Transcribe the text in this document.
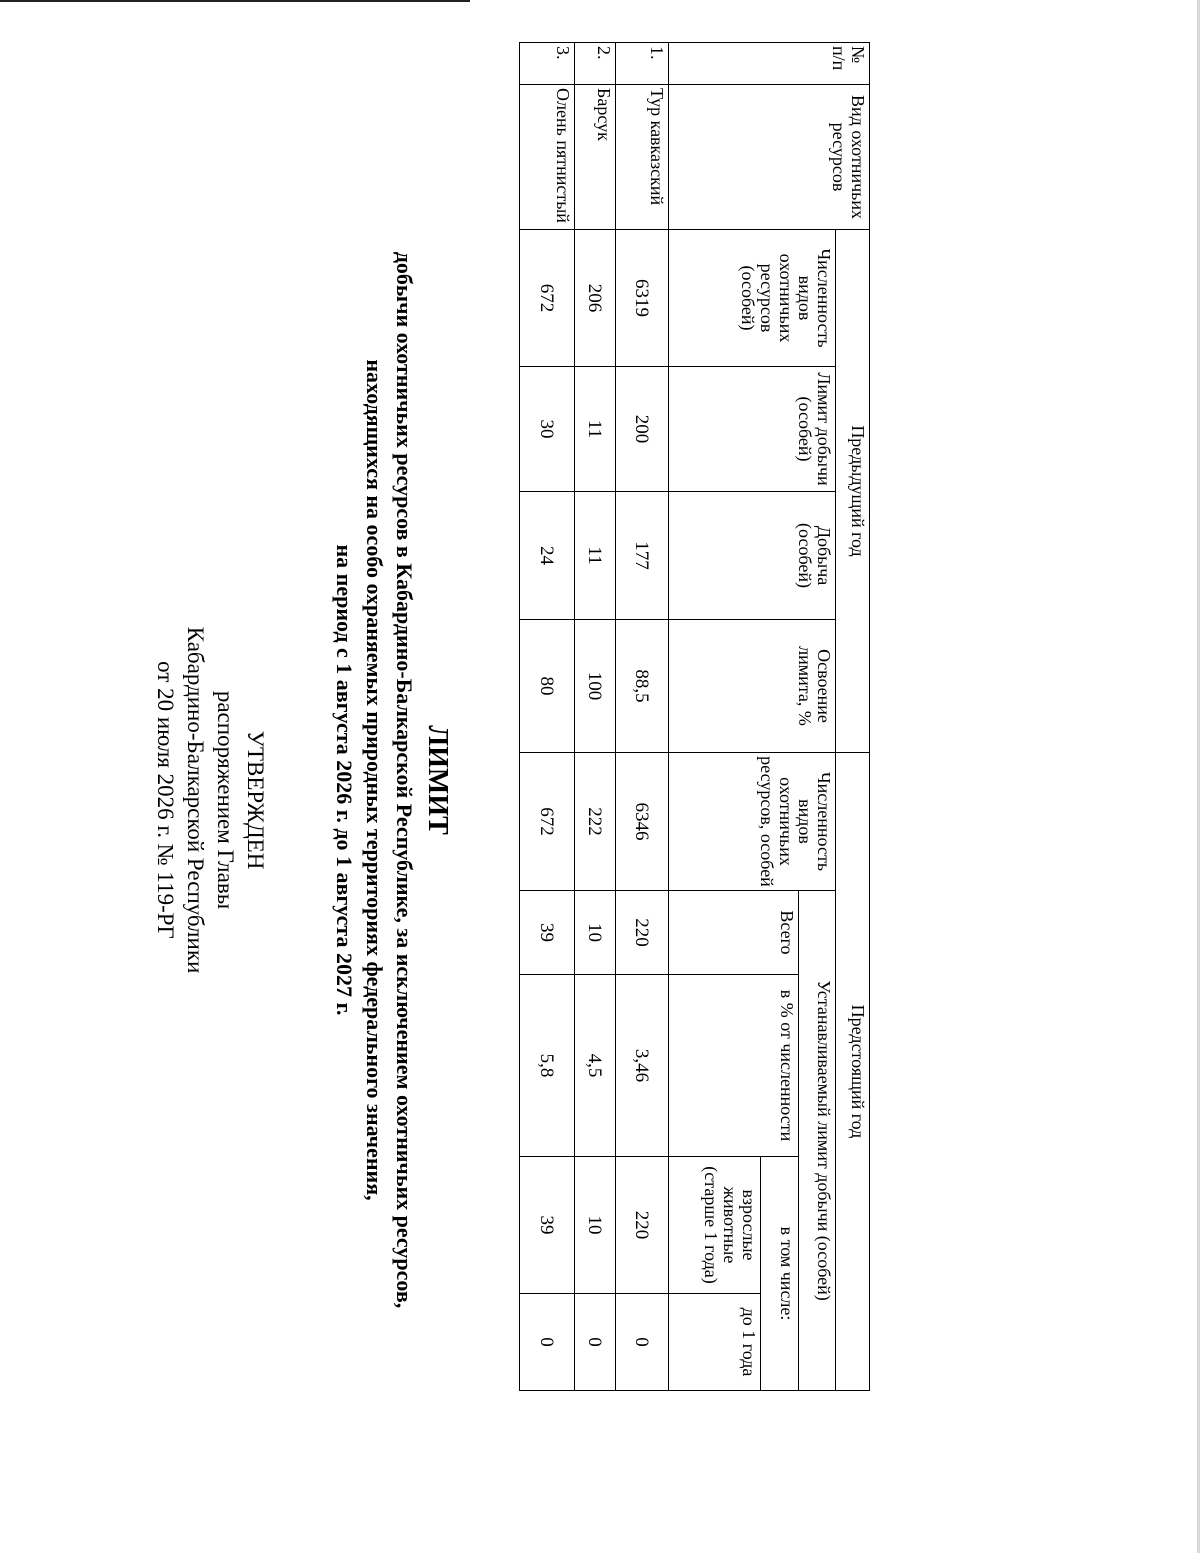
УТВЕРЖДЕН
распоряжением Главы
Кабардино-Балкарской Республики
от 20 июля 2026 г. № 119-РГ	ЛИМИТ
добычи охотничьих ресурсов в Кабардино-Балкарской Республике, за исключением охотничьих ресурсов,
находящихся на особо охраняемых природных территориях федерального значения,
на период с 1 августа 2026 г. до 1 августа 2027 г.
№ п/п	Вид охотничьих ресурсов	Предыдущий год				Предстоящий год				
		Численность видов охотничьих ресурсов (особей)	Лимит добычи (особей)	Добыча (особей)	Освоение лимита, %	Численность видов охотничьих ресурсов, особей	Устанавливаемый лимит добычи (особей)			
							Всего	в % от численности	в том числе:	
									взрослые животные (старше 1 года)	до 1 года
1.	Тур кавказский	6319	200	177	88,5	6346	220	3,46	220	0
2.	Барсук	206	11	11	100	222	10	4,5	10	0
3.	Олень пятнистый	672	30	24	80	672	39	5,8	39	0
